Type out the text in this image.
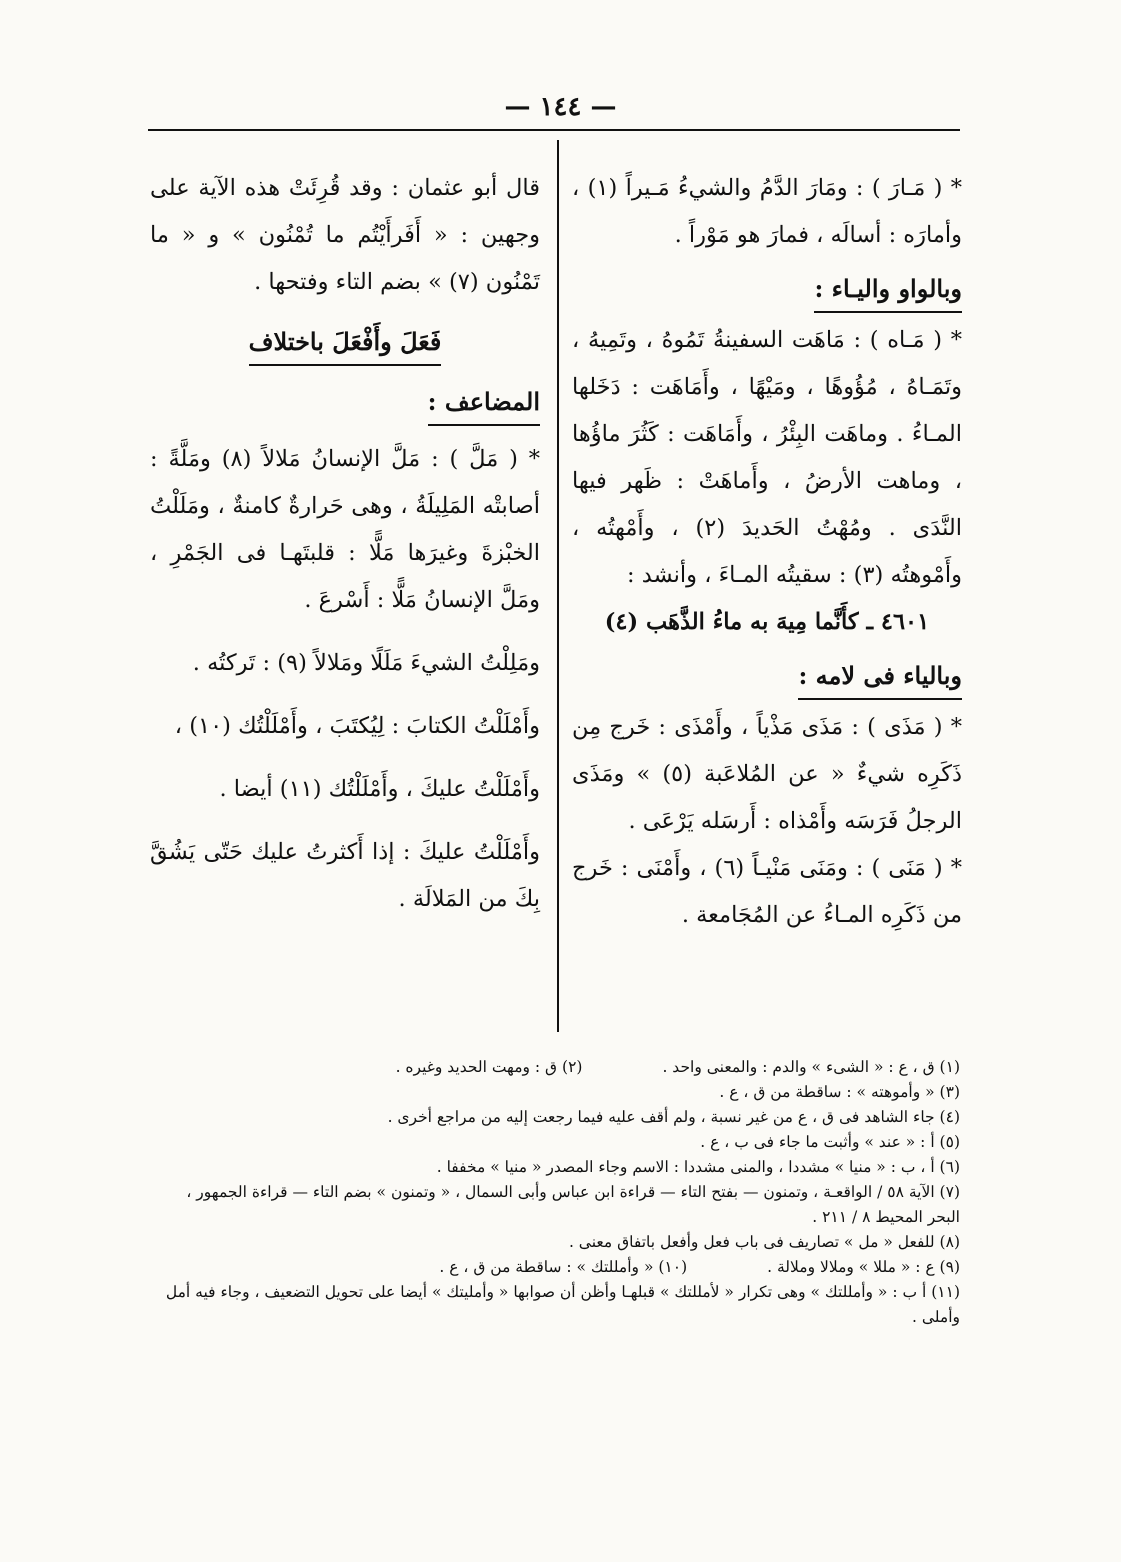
— ١٤٤ —

* ( مَـارَ ) : ومَارَ الدَّمُ والشيءُ مَـيراً (١) ، وأمارَه : أسالَه ، فمارَ هو مَوْراً .

وبالواو واليـاء :

* ( مَـاه ) : مَاهَت السفينةُ تَمُوهُ ، وتَمِيهُ ، وتَمَـاهُ ، مُؤُوهًا ، ومَيْهًا ، وأَمَاهَت : دَخَلها المـاءُ . وماهَت البِئْرُ ، وأَمَاهَت : كَثُرَ ماؤُها ، وماهت الأرضُ ، وأَماهَتْ : ظَهر فيها النَّدَى . ومُهْتُ الحَديدَ (٢) ، وأَمْهتُه ، وأَمْوهتُه (٣) : سقيتُه المـاءَ ، وأنشد :

٤٦٠١ ـ كأَنَّما مِيهَ به ماءُ الذَّهَب (٤)

وبالياء فى لامه :

* ( مَذَى ) : مَذَى مَذْياً ، وأَمْذَى : خَرج مِن ذَكَرِه شيءٌ « عن المُلاعَبة (٥) » ومَذَى الرجلُ فَرَسَه وأَمْذاه : أَرسَله يَرْعَى .

* ( مَنَى ) : ومَنَى مَنْيـاً (٦) ، وأَمْنَى : خَرج من ذَكَرِه المـاءُ عن المُجَامعة .

قال أبو عثمان : وقد قُرِئَتْ هذه الآية على وجهين : « أَفَرأَيْتُم ما تُمْنُون » و « ما تَمْنُون (٧) » بضم التاء وفتحها .

فَعَلَ وأَفْعَلَ باختلاف
المضاعف :

* ( مَلَّ ) : مَلَّ الإنسانُ مَلالاً (٨) ومَلَّةً : أصابتْه المَلِيلَةُ ، وهى حَرارةٌ كامنةٌ ، ومَلَلْتُ الخبْزةَ وغيرَها مَلًّا : قلبتَهـا فى الجَمْرِ ، ومَلَّ الإنسانُ مَلًّا : أَسْرعَ .

ومَلِلْتُ الشيءَ مَلَلًا ومَلالاً (٩) : تَركتُه .

وأَمْلَلْتُ الكتابَ : لِيُكتَبَ ، وأَمْلَلْتُك (١٠) ،

وأَمْلَلْتُ عليكَ ، وأَمْلَلْتُك (١١) أيضا .

وأَمْلَلْتُ عليكَ : إذا أَكثرتُ عليك حَتّى يَشُقَّ بِكَ من المَلالَة .

(١) ق ، ع : « الشىء » والدم : والمعنى واحد .
(٢) ق : ومهت الحديد وغيره .

(٣) « وأموهته » : ساقطة من ق ، ع .

(٤) جاء الشاهد فى ق ، ع من غير نسبة ، ولم أقف عليه فيما رجعت إليه من مراجع أخرى .

(٥) أ : « عند » وأثبت ما جاء فى ب ، ع .

(٦) أ ، ب : « منيا » مشددا ، والمنى مشددا : الاسم وجاء المصدر « منيا » مخففا .

(٧) الآية ٥٨ / الواقعـة ، وتمنون — بفتح التاء — قراءة ابن عباس وأبى السمال ، « وتمنون » بضم التاء — قراءة الجمهور ، البحر المحيط ٨ / ٢١١ .

(٨) للفعل « مل » تصاريف فى باب فعل وأفعل باتفاق معنى .

(٩) ع : « مللا » وملالا وملالة .
(١٠) « وأمللتك » : ساقطة من ق ، ع .

(١١) أ ب : « وأمللتك » وهى تكرار « لأمللتك » قبلهـا وأظن أن صوابها « وأمليتك » أيضا على تحويل التضعيف ، وجاء فيه أمل وأملى .
